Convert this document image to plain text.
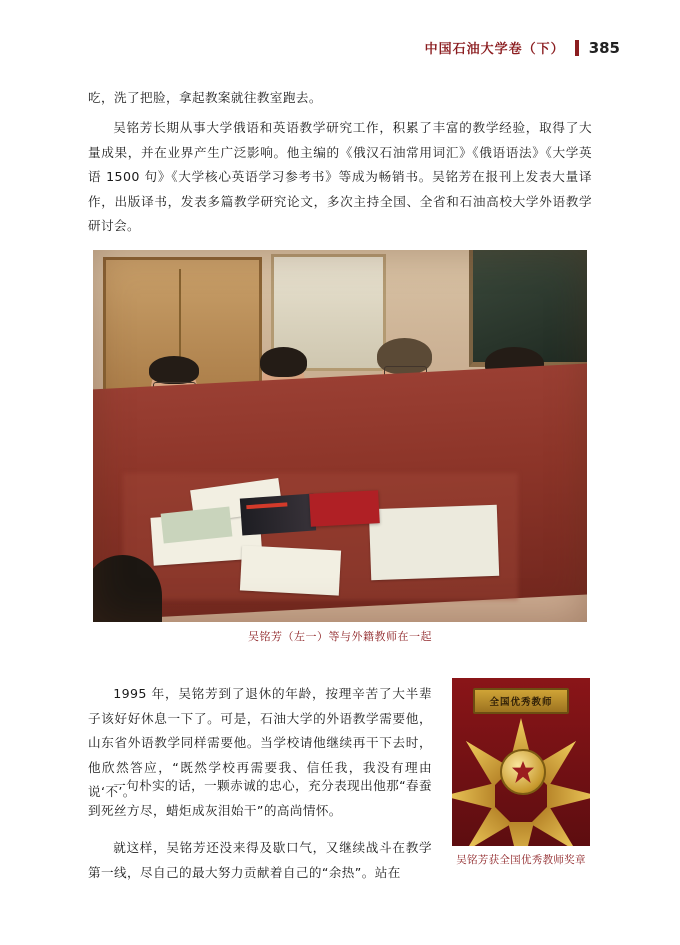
中国石油大学卷（下） 385
吃，洗了把脸，拿起教案就往教室跑去。
吴铭芳长期从事大学俄语和英语教学研究工作，积累了丰富的教学经验，取得了大量成果，并在业界产生广泛影响。他主编的《俄汉石油常用词汇》《俄语语法》《大学英语 1500 句》《大学核心英语学习参考书》等成为畅销书。吴铭芳在报刊上发表大量译作，出版译书，发表多篇教学研究论文，多次主持全国、全省和石油高校大学外语教学研讨会。
吴铭芳（左一）等与外籍教师在一起
1995 年，吴铭芳到了退休的年龄，按理辛苦了大半辈子该好好休息一下了。可是，石油大学的外语教学需要他，山东省外语教学同样需要他。当学校请他继续再干下去时，他欣然答应，“既然学校再需要我、信任我，我没有理由说‘不’。
一句朴实的话，一颗赤诚的忠心，充分表现出他那“春蚕到死丝方尽，蜡炬成灰泪始干”的高尚情怀。
就这样，吴铭芳还没来得及歇口气，又继续战斗在教学第一线，尽自己的最大努力贡献着自己的“余热”。站在
全国优秀教师
吴铭芳获全国优秀教师奖章
